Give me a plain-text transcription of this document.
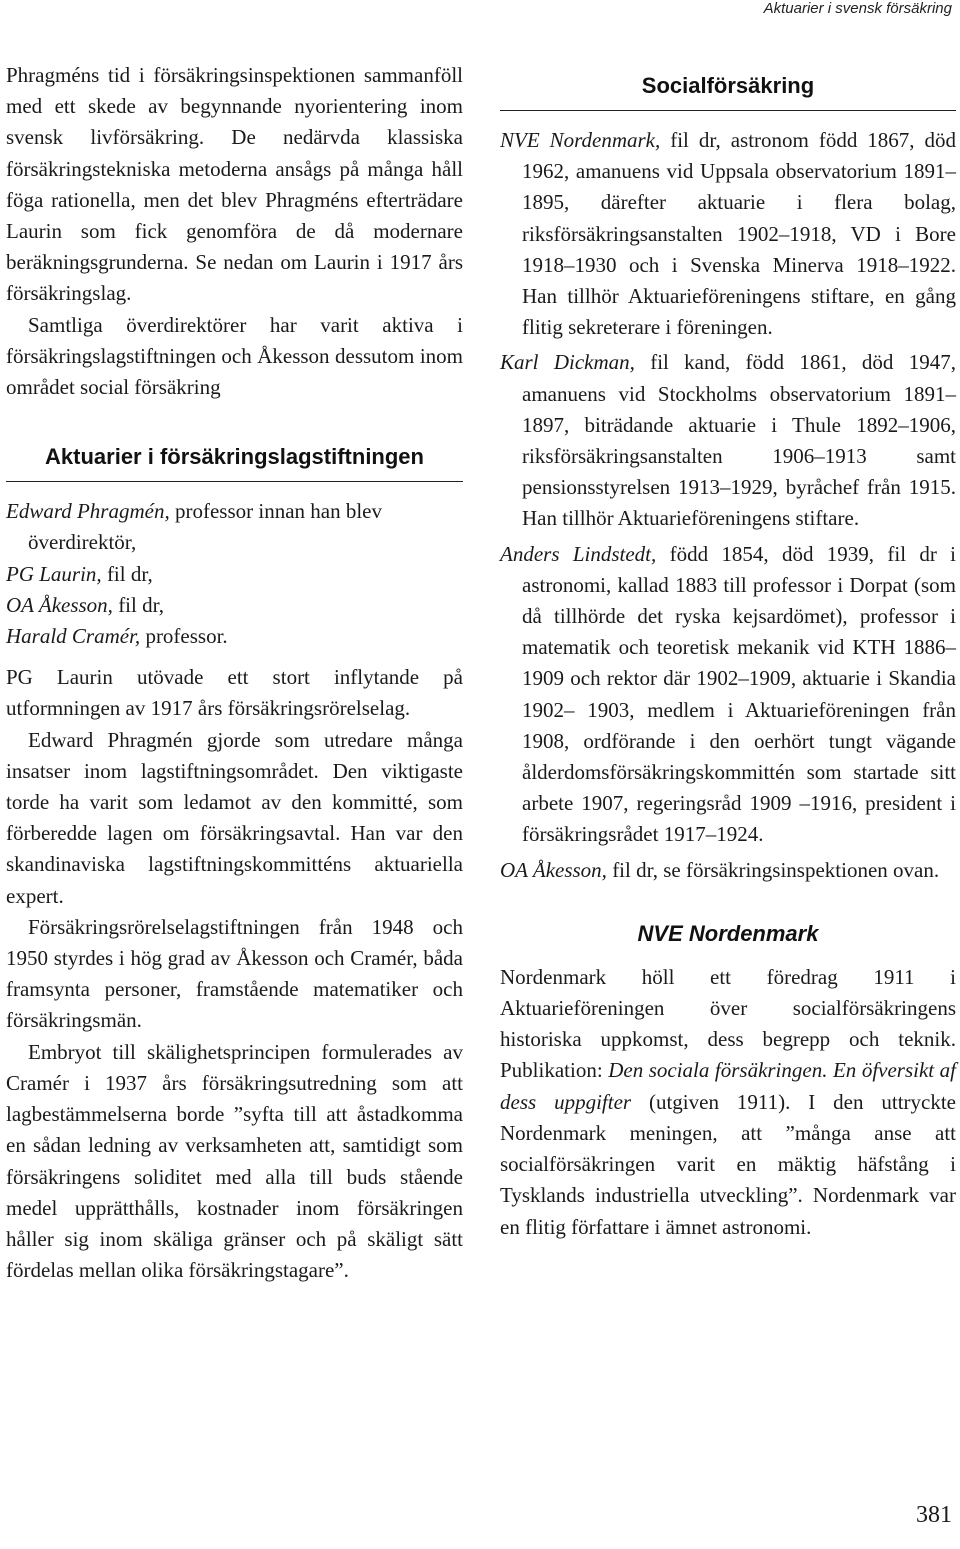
Aktuarier i svensk försäkring

Phragméns tid i försäkringsinspektionen sammanföll med ett skede av begynnande nyorientering inom svensk livförsäkring. De nedärvda klassiska försäkringstekniska metoderna ansågs på många håll föga rationella, men det blev Phragméns efterträdare Laurin som fick genomföra de då modernare beräkningsgrunderna. Se nedan om Laurin i 1917 års försäkringslag.

Samtliga överdirektörer har varit aktiva i försäkringslagstiftningen och Åkesson dessutom inom området social försäkring

Aktuarier i försäkringslagstiftningen
Edward Phragmén, professor innan han blev överdirektör,
PG Laurin, fil dr,
OA Åkesson, fil dr,
Harald Cramér, professor.

PG Laurin utövade ett stort inflytande på utformningen av 1917 års försäkringsrörelselag.

Edward Phragmén gjorde som utredare många insatser inom lagstiftningsområdet. Den viktigaste torde ha varit som ledamot av den kommitté, som förberedde lagen om försäkringsavtal. Han var den skandinaviska lagstiftningskommitténs aktuariella expert.

Försäkringsrörelselagstiftningen från 1948 och 1950 styrdes i hög grad av Åkesson och Cramér, båda framsynta personer, framstående matematiker och försäkringsmän.

Embryot till skälighetsprincipen formulerades av Cramér i 1937 års försäkringsutredning som att lagbestämmelserna borde ”syfta till att åstadkomma en sådan ledning av verksamheten att, samtidigt som försäkringens soliditet med alla till buds stående medel upprätthålls, kostnader inom försäkringen håller sig inom skäliga gränser och på skäligt sätt fördelas mellan olika försäkringstagare”.

Socialförsäkring
NVE Nordenmark, fil dr, astronom född 1867, död 1962, amanuens vid Uppsala observatorium 1891–1895, därefter aktuarie i flera bolag, riksförsäkringsanstalten 1902–1918, VD i Bore 1918–1930 och i Svenska Minerva 1918–1922. Han tillhör Aktuarieföreningens stiftare, en gång flitig sekreterare i föreningen.
Karl Dickman, fil kand, född 1861, död 1947, amanuens vid Stockholms observatorium 1891–1897, biträdande aktuarie i Thule 1892–1906, riksförsäkringsanstalten 1906–1913 samt pensionsstyrelsen 1913–1929, byråchef från 1915. Han tillhör Aktuarieföreningens stiftare.
Anders Lindstedt, född 1854, död 1939, fil dr i astronomi, kallad 1883 till professor i Dorpat (som då tillhörde det ryska kejsardömet), professor i matematik och teoretisk mekanik vid KTH 1886–1909 och rektor där 1902–1909, aktuarie i Skandia 1902– 1903, medlem i Aktuarieföreningen från 1908, ordförande i den oerhört tungt vägande ålderdomsförsäkringskommittén som startade sitt arbete 1907, regeringsråd 1909 –1916, president i försäkringsrådet 1917–1924.
OA Åkesson, fil dr, se försäkringsinspektionen ovan.
NVE Nordenmark

Nordenmark höll ett föredrag 1911 i Aktuarieföreningen över socialförsäkringens historiska uppkomst, dess begrepp och teknik. Publikation: Den sociala försäkringen. En öfversikt af dess uppgifter (utgiven 1911). I den uttryckte Nordenmark meningen, att ”många anse att socialförsäkringen varit en mäktig häfstång i Tysklands industriella utveckling”. Nordenmark var en flitig författare i ämnet astronomi.

381
